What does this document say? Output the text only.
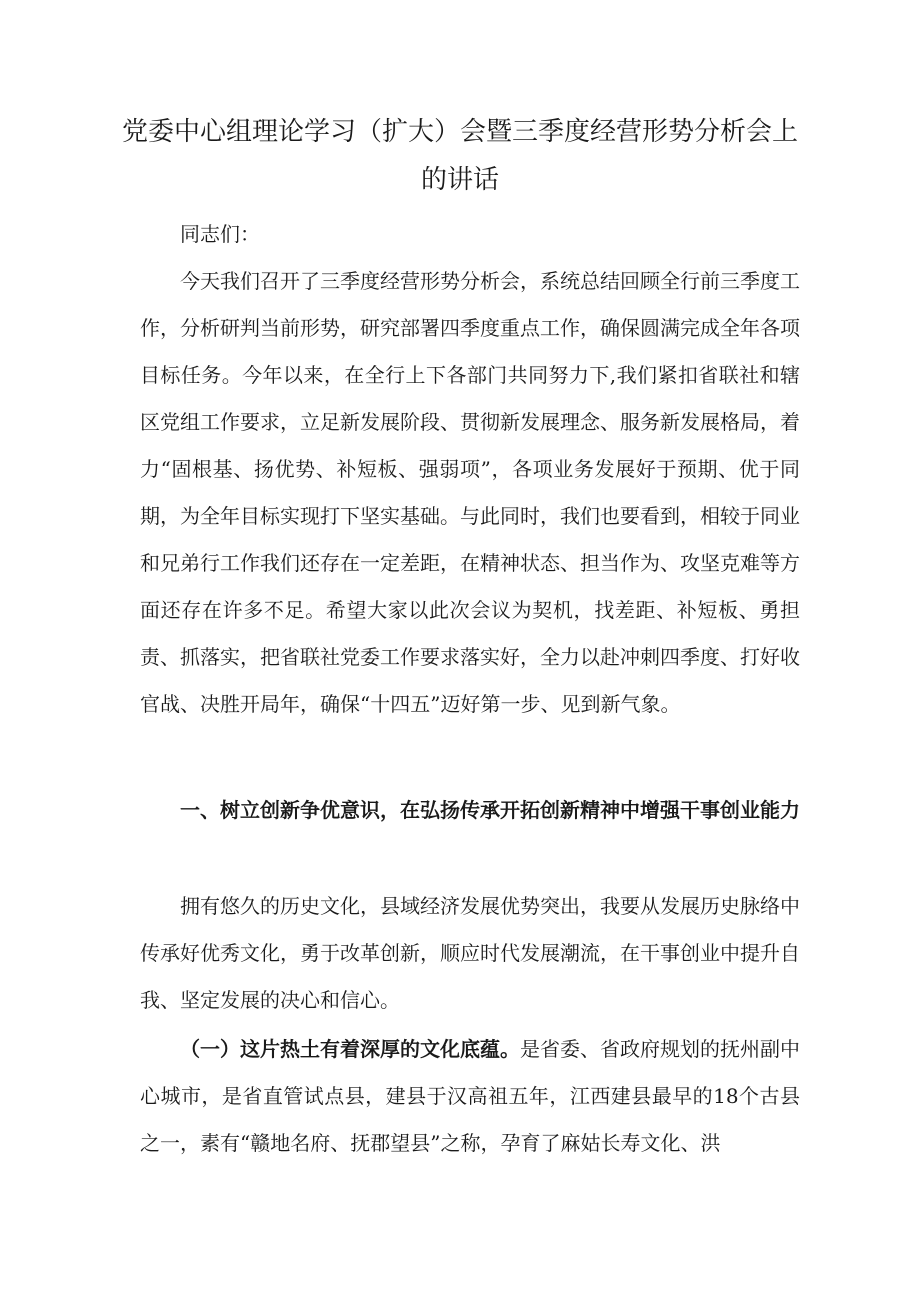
党委中心组理论学习（扩大）会暨三季度经营形势分析会上的讲话

同志们：

今天我们召开了三季度经营形势分析会，系统总结回顾全行前三季度工作，分析研判当前形势，研究部署四季度重点工作，确保圆满完成全年各项目标任务。今年以来，在全行上下各部门共同努力下,我们紧扣省联社和辖区党组工作要求，立足新发展阶段、贯彻新发展理念、服务新发展格局，着力“固根基、扬优势、补短板、强弱项”，各项业务发展好于预期、优于同期，为全年目标实现打下坚实基础。与此同时，我们也要看到，相较于同业和兄弟行工作我们还存在一定差距，在精神状态、担当作为、攻坚克难等方面还存在许多不足。希望大家以此次会议为契机，找差距、补短板、勇担责、抓落实，把省联社党委工作要求落实好，全力以赴冲刺四季度、打好收官战、决胜开局年，确保“十四五”迈好第一步、见到新气象。

一、树立创新争优意识，在弘扬传承开拓创新精神中增强干事创业能力

拥有悠久的历史文化，县域经济发展优势突出，我要从发展历史脉络中传承好优秀文化，勇于改革创新，顺应时代发展潮流，在干事创业中提升自我、坚定发展的决心和信心。

（一）这片热土有着深厚的文化底蕴。是省委、省政府规划的抚州副中心城市，是省直管试点县，建县于汉高祖五年，江西建县最早的18个古县之一，素有“赣地名府、抚郡望县”之称，孕育了麻姑长寿文化、洪
